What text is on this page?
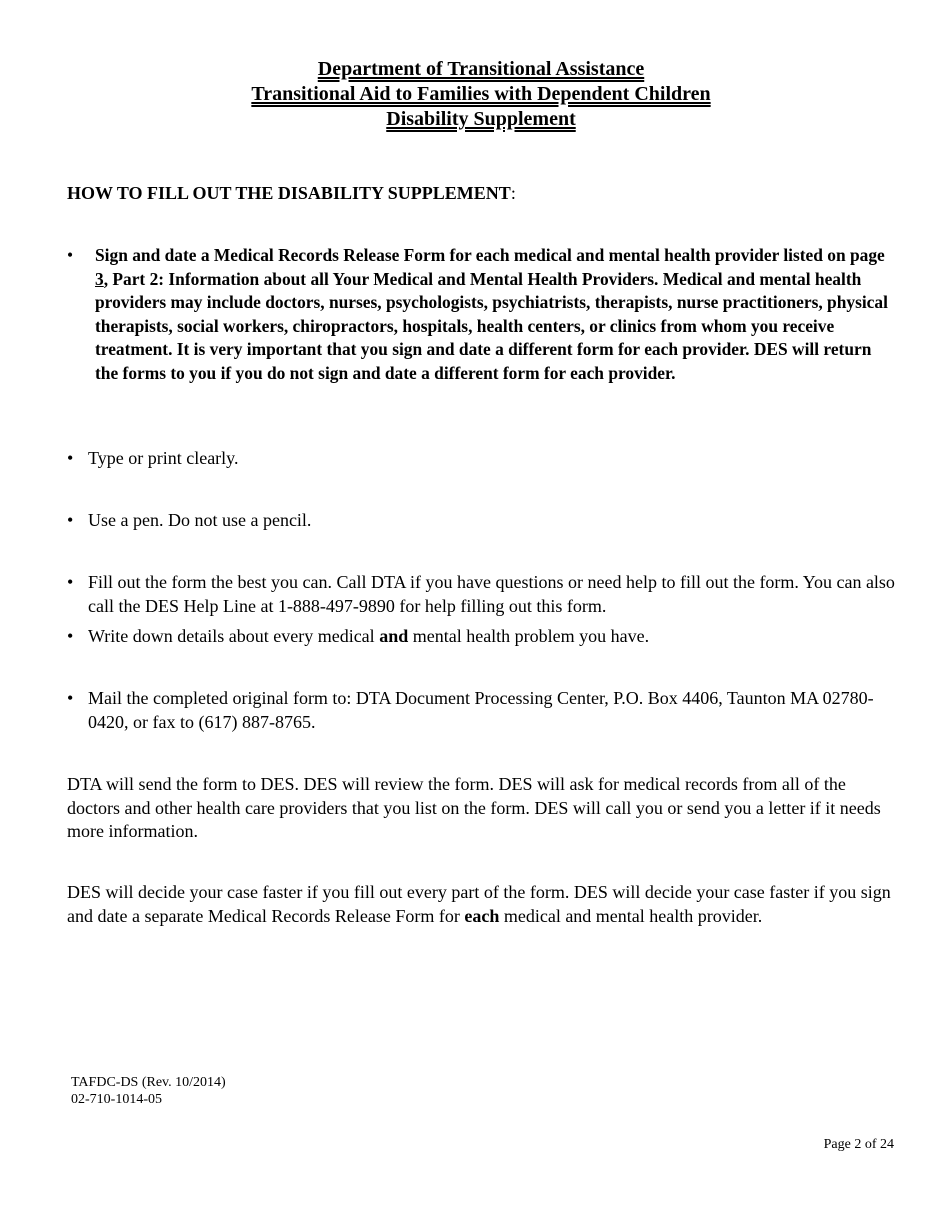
Department of Transitional Assistance
Transitional Aid to Families with Dependent Children
Disability Supplement
HOW TO FILL OUT THE DISABILITY SUPPLEMENT:
• Sign and date a Medical Records Release Form for each medical and mental health provider listed on page 3, Part 2: Information about all Your Medical and Mental Health Providers. Medical and mental health providers may include doctors, nurses, psychologists, psychiatrists, therapists, nurse practitioners, physical therapists, social workers, chiropractors, hospitals, health centers, or clinics from whom you receive treatment. It is very important that you sign and date a different form for each provider. DES will return the forms to you if you do not sign and date a different form for each provider.
• Type or print clearly.
• Use a pen. Do not use a pencil.
• Fill out the form the best you can. Call DTA if you have questions or need help to fill out the form. You can also call the DES Help Line at 1-888-497-9890 for help filling out this form.
• Write down details about every medical and mental health problem you have.
• Mail the completed original form to: DTA Document Processing Center, P.O. Box 4406, Taunton MA 02780-0420, or fax to (617) 887-8765.

DTA will send the form to DES. DES will review the form. DES will ask for medical records from all of the doctors and other health care providers that you list on the form. DES will call you or send you a letter if it needs more information.

DES will decide your case faster if you fill out every part of the form. DES will decide your case faster if you sign and date a separate Medical Records Release Form for each medical and mental health provider.

TAFDC-DS (Rev. 10/2014)
02-710-1014-05
Page 2 of 24
